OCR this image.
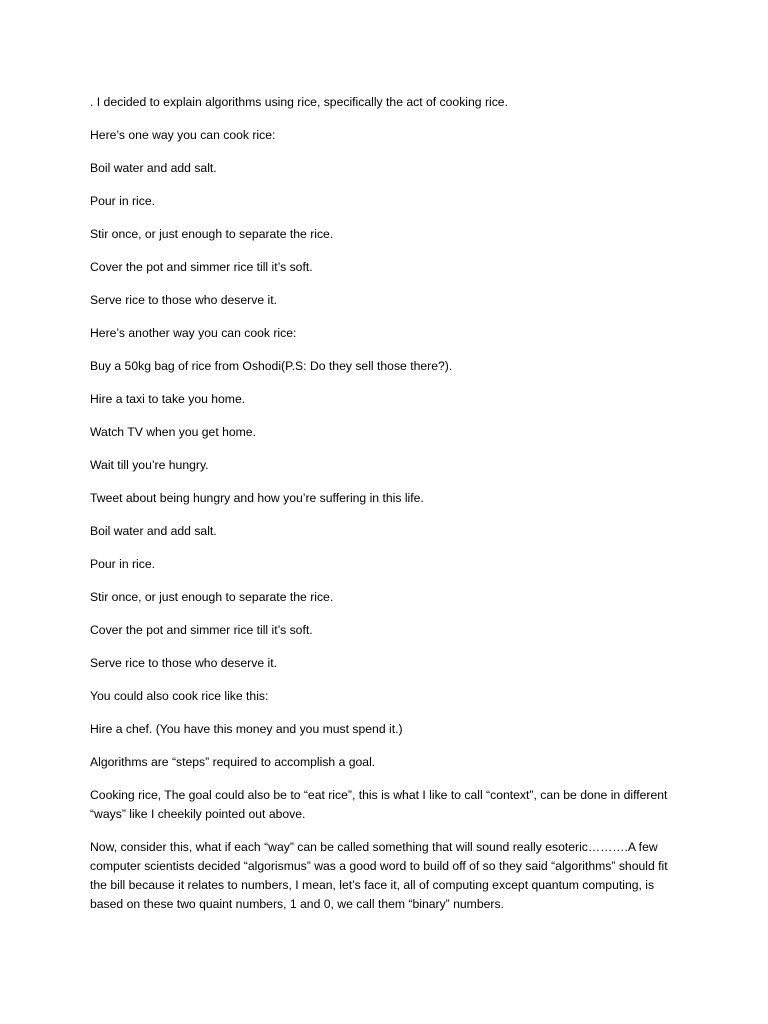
. I decided to explain algorithms using rice, specifically the act of cooking rice.

Here’s one way you can cook rice:

Boil water and add salt.

Pour in rice.

Stir once, or just enough to separate the rice.

Cover the pot and simmer rice till it’s soft.

Serve rice to those who deserve it.

Here’s another way you can cook rice:

Buy a 50kg bag of rice from Oshodi(P.S: Do they sell those there?).

Hire a taxi to take you home.

Watch TV when you get home.

Wait till you’re hungry.

Tweet about being hungry and how you’re suffering in this life.

Boil water and add salt.

Pour in rice.

Stir once, or just enough to separate the rice.

Cover the pot and simmer rice till it’s soft.

Serve rice to those who deserve it.

You could also cook rice like this:

Hire a chef. (You have this money and you must spend it.)

Algorithms are “steps” required to accomplish a goal.

Cooking rice, The goal could also be to “eat rice”, this is what I like to call “context”, can be done in different “ways” like I cheekily pointed out above.

Now, consider this, what if each “way” can be called something that will sound really esoteric……….A few computer scientists decided “algorismus” was a good word to build off of so they said “algorithms” should fit the bill because it relates to numbers, I mean, let’s face it, all of computing except quantum computing, is based on these two quaint numbers, 1 and 0, we call them “binary” numbers.
